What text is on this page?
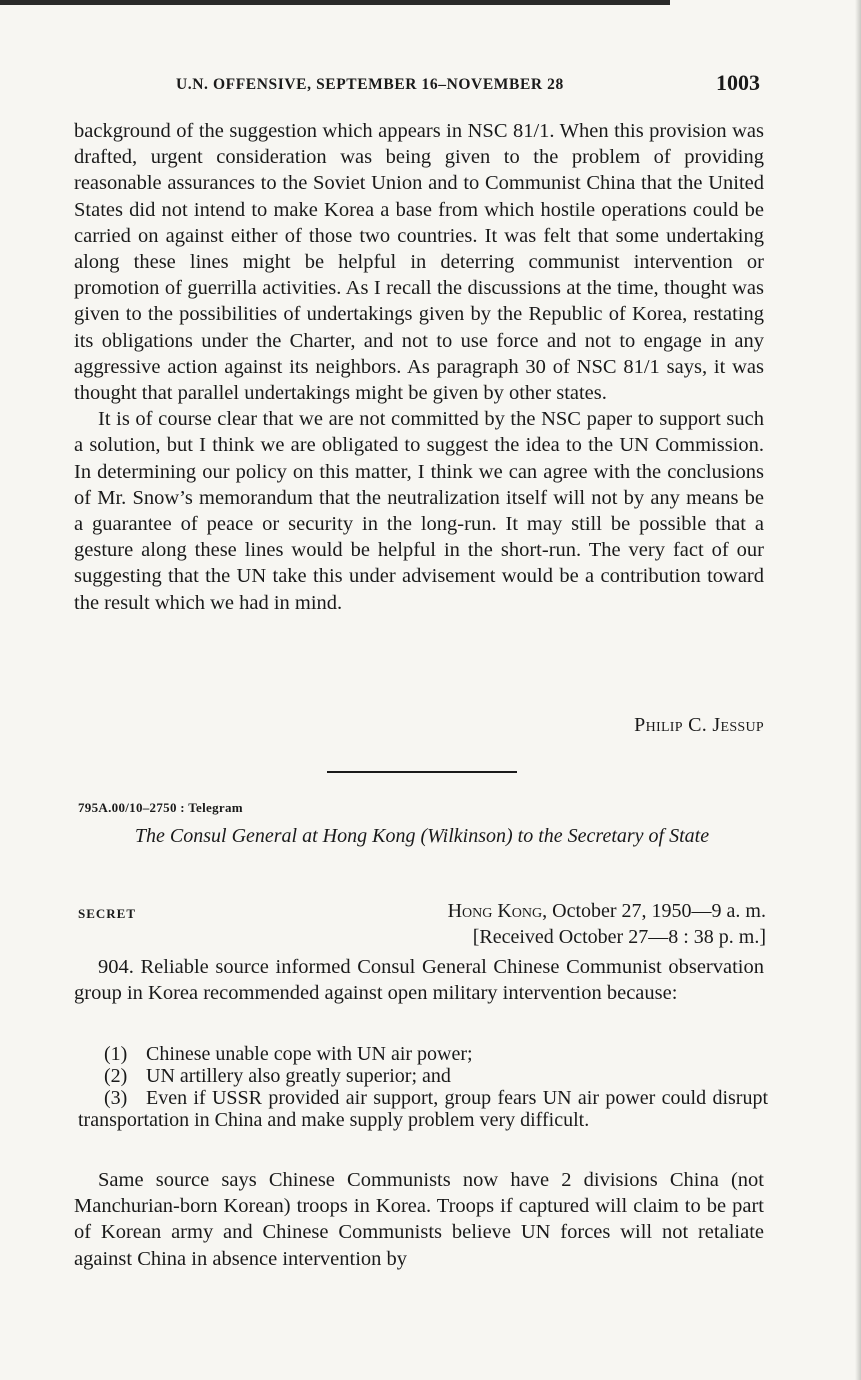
U.N. OFFENSIVE, SEPTEMBER 16–NOVEMBER 28	1003

background of the suggestion which appears in NSC 81/1. When this provision was drafted, urgent consideration was being given to the problem of providing reasonable assurances to the Soviet Union and to Communist China that the United States did not intend to make Korea a base from which hostile operations could be carried on against either of those two countries. It was felt that some undertaking along these lines might be helpful in deterring communist intervention or promotion of guerrilla activities. As I recall the discussions at the time, thought was given to the possibilities of undertakings given by the Republic of Korea, restating its obligations under the Charter, and not to use force and not to engage in any aggressive action against its neighbors. As paragraph 30 of NSC 81/1 says, it was thought that parallel undertakings might be given by other states.

It is of course clear that we are not committed by the NSC paper to support such a solution, but I think we are obligated to suggest the idea to the UN Commission. In determining our policy on this matter, I think we can agree with the conclusions of Mr. Snow’s memorandum that the neutralization itself will not by any means be a guarantee of peace or security in the long-run. It may still be possible that a gesture along these lines would be helpful in the short-run. The very fact of our suggesting that the UN take this under advisement would be a contribution toward the result which we had in mind.

Philip C. Jessup
795A.00/10–2750 : Telegram
The Consul General at Hong Kong (Wilkinson) to the Secretary of State
SECRET	Hong Kong, October 27, 1950—9 a. m.
[Received October 27—8 : 38 p. m.]

904. Reliable source informed Consul General Chinese Communist observation group in Korea recommended against open military intervention because:

(1) Chinese unable cope with UN air power;

(2) UN artillery also greatly superior; and

(3) Even if USSR provided air support, group fears UN air power could disrupt transportation in China and make supply problem very difficult.

Same source says Chinese Communists now have 2 divisions China (not Manchurian-born Korean) troops in Korea. Troops if captured will claim to be part of Korean army and Chinese Communists believe UN forces will not retaliate against China in absence intervention by
